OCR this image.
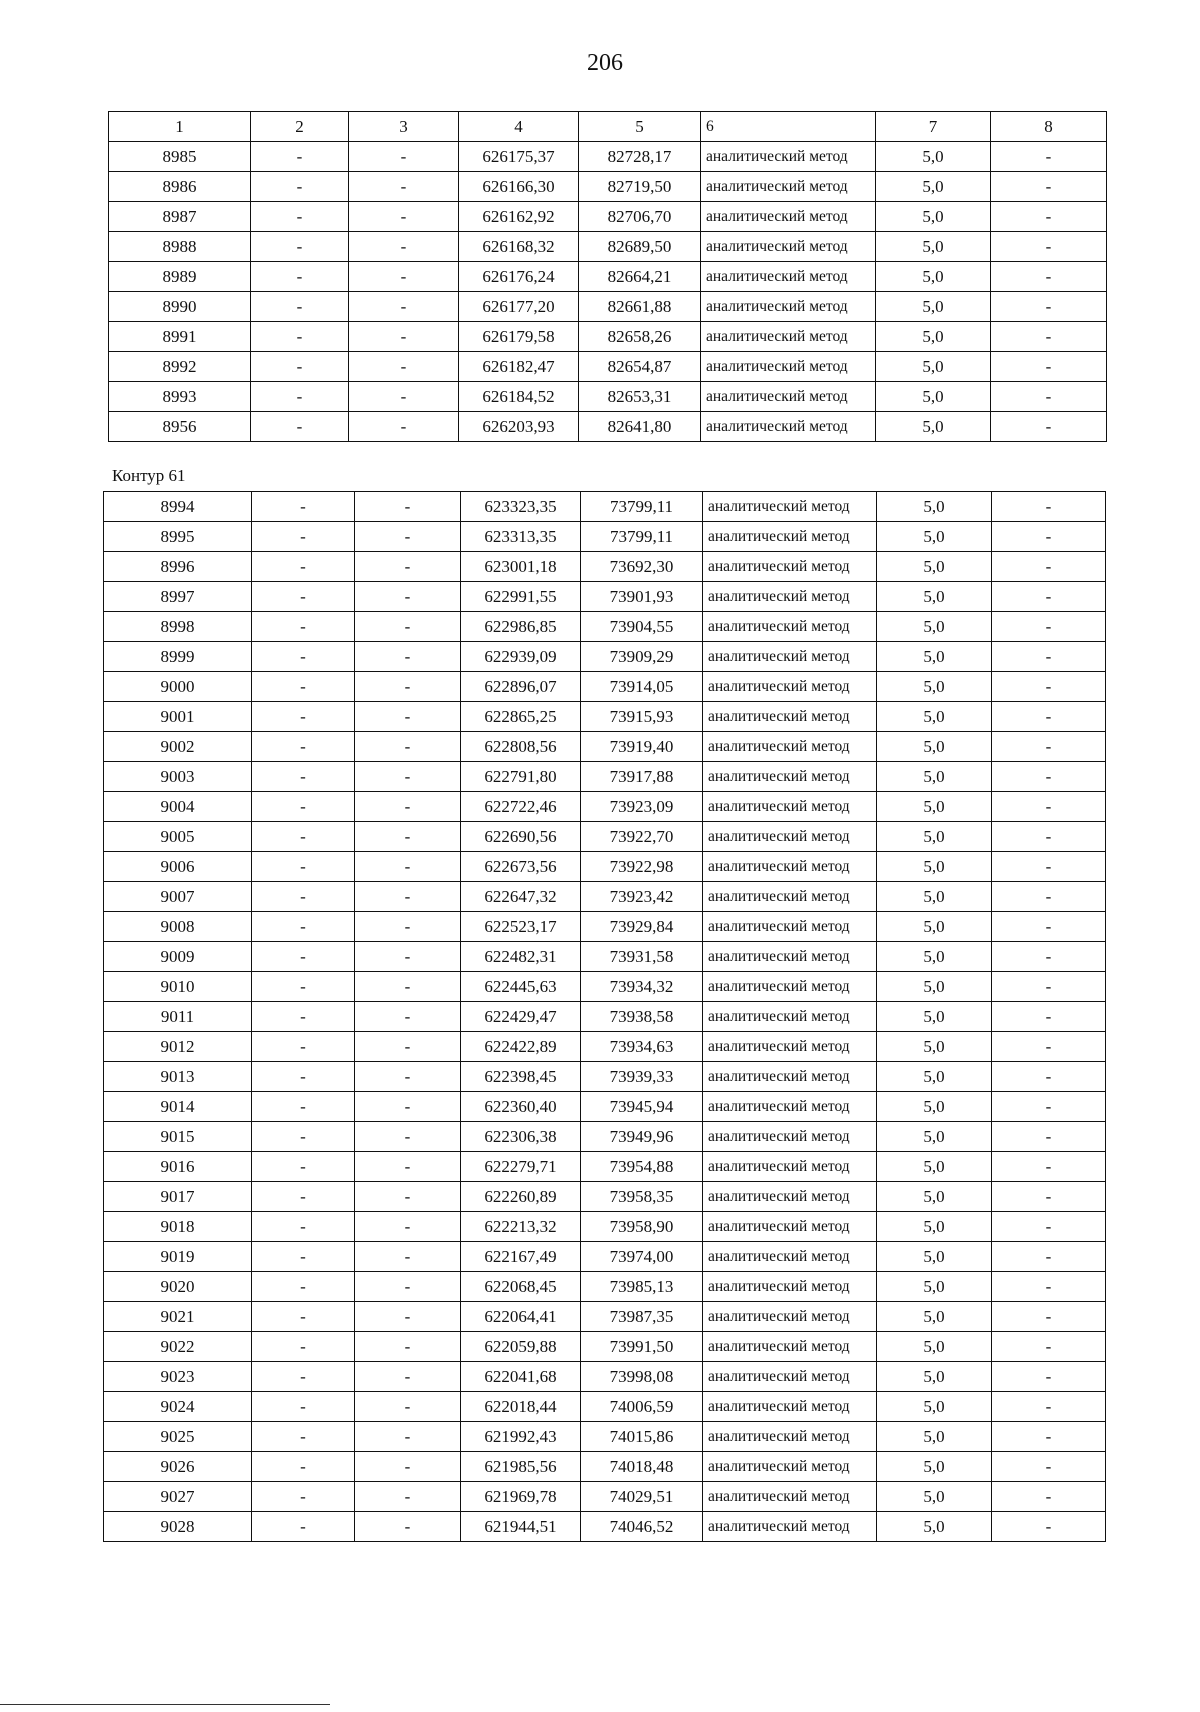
206
1	2	3	4	5	6	7	8
8985	-	-	626175,37	82728,17	аналитический метод	5,0	-
8986	-	-	626166,30	82719,50	аналитический метод	5,0	-
8987	-	-	626162,92	82706,70	аналитический метод	5,0	-
8988	-	-	626168,32	82689,50	аналитический метод	5,0	-
8989	-	-	626176,24	82664,21	аналитический метод	5,0	-
8990	-	-	626177,20	82661,88	аналитический метод	5,0	-
8991	-	-	626179,58	82658,26	аналитический метод	5,0	-
8992	-	-	626182,47	82654,87	аналитический метод	5,0	-
8993	-	-	626184,52	82653,31	аналитический метод	5,0	-
8956	-	-	626203,93	82641,80	аналитический метод	5,0	-
Контур 61
8994	-	-	623323,35	73799,11	аналитический метод	5,0	-
8995	-	-	623313,35	73799,11	аналитический метод	5,0	-
8996	-	-	623001,18	73692,30	аналитический метод	5,0	-
8997	-	-	622991,55	73901,93	аналитический метод	5,0	-
8998	-	-	622986,85	73904,55	аналитический метод	5,0	-
8999	-	-	622939,09	73909,29	аналитический метод	5,0	-
9000	-	-	622896,07	73914,05	аналитический метод	5,0	-
9001	-	-	622865,25	73915,93	аналитический метод	5,0	-
9002	-	-	622808,56	73919,40	аналитический метод	5,0	-
9003	-	-	622791,80	73917,88	аналитический метод	5,0	-
9004	-	-	622722,46	73923,09	аналитический метод	5,0	-
9005	-	-	622690,56	73922,70	аналитический метод	5,0	-
9006	-	-	622673,56	73922,98	аналитический метод	5,0	-
9007	-	-	622647,32	73923,42	аналитический метод	5,0	-
9008	-	-	622523,17	73929,84	аналитический метод	5,0	-
9009	-	-	622482,31	73931,58	аналитический метод	5,0	-
9010	-	-	622445,63	73934,32	аналитический метод	5,0	-
9011	-	-	622429,47	73938,58	аналитический метод	5,0	-
9012	-	-	622422,89	73934,63	аналитический метод	5,0	-
9013	-	-	622398,45	73939,33	аналитический метод	5,0	-
9014	-	-	622360,40	73945,94	аналитический метод	5,0	-
9015	-	-	622306,38	73949,96	аналитический метод	5,0	-
9016	-	-	622279,71	73954,88	аналитический метод	5,0	-
9017	-	-	622260,89	73958,35	аналитический метод	5,0	-
9018	-	-	622213,32	73958,90	аналитический метод	5,0	-
9019	-	-	622167,49	73974,00	аналитический метод	5,0	-
9020	-	-	622068,45	73985,13	аналитический метод	5,0	-
9021	-	-	622064,41	73987,35	аналитический метод	5,0	-
9022	-	-	622059,88	73991,50	аналитический метод	5,0	-
9023	-	-	622041,68	73998,08	аналитический метод	5,0	-
9024	-	-	622018,44	74006,59	аналитический метод	5,0	-
9025	-	-	621992,43	74015,86	аналитический метод	5,0	-
9026	-	-	621985,56	74018,48	аналитический метод	5,0	-
9027	-	-	621969,78	74029,51	аналитический метод	5,0	-
9028	-	-	621944,51	74046,52	аналитический метод	5,0	-
